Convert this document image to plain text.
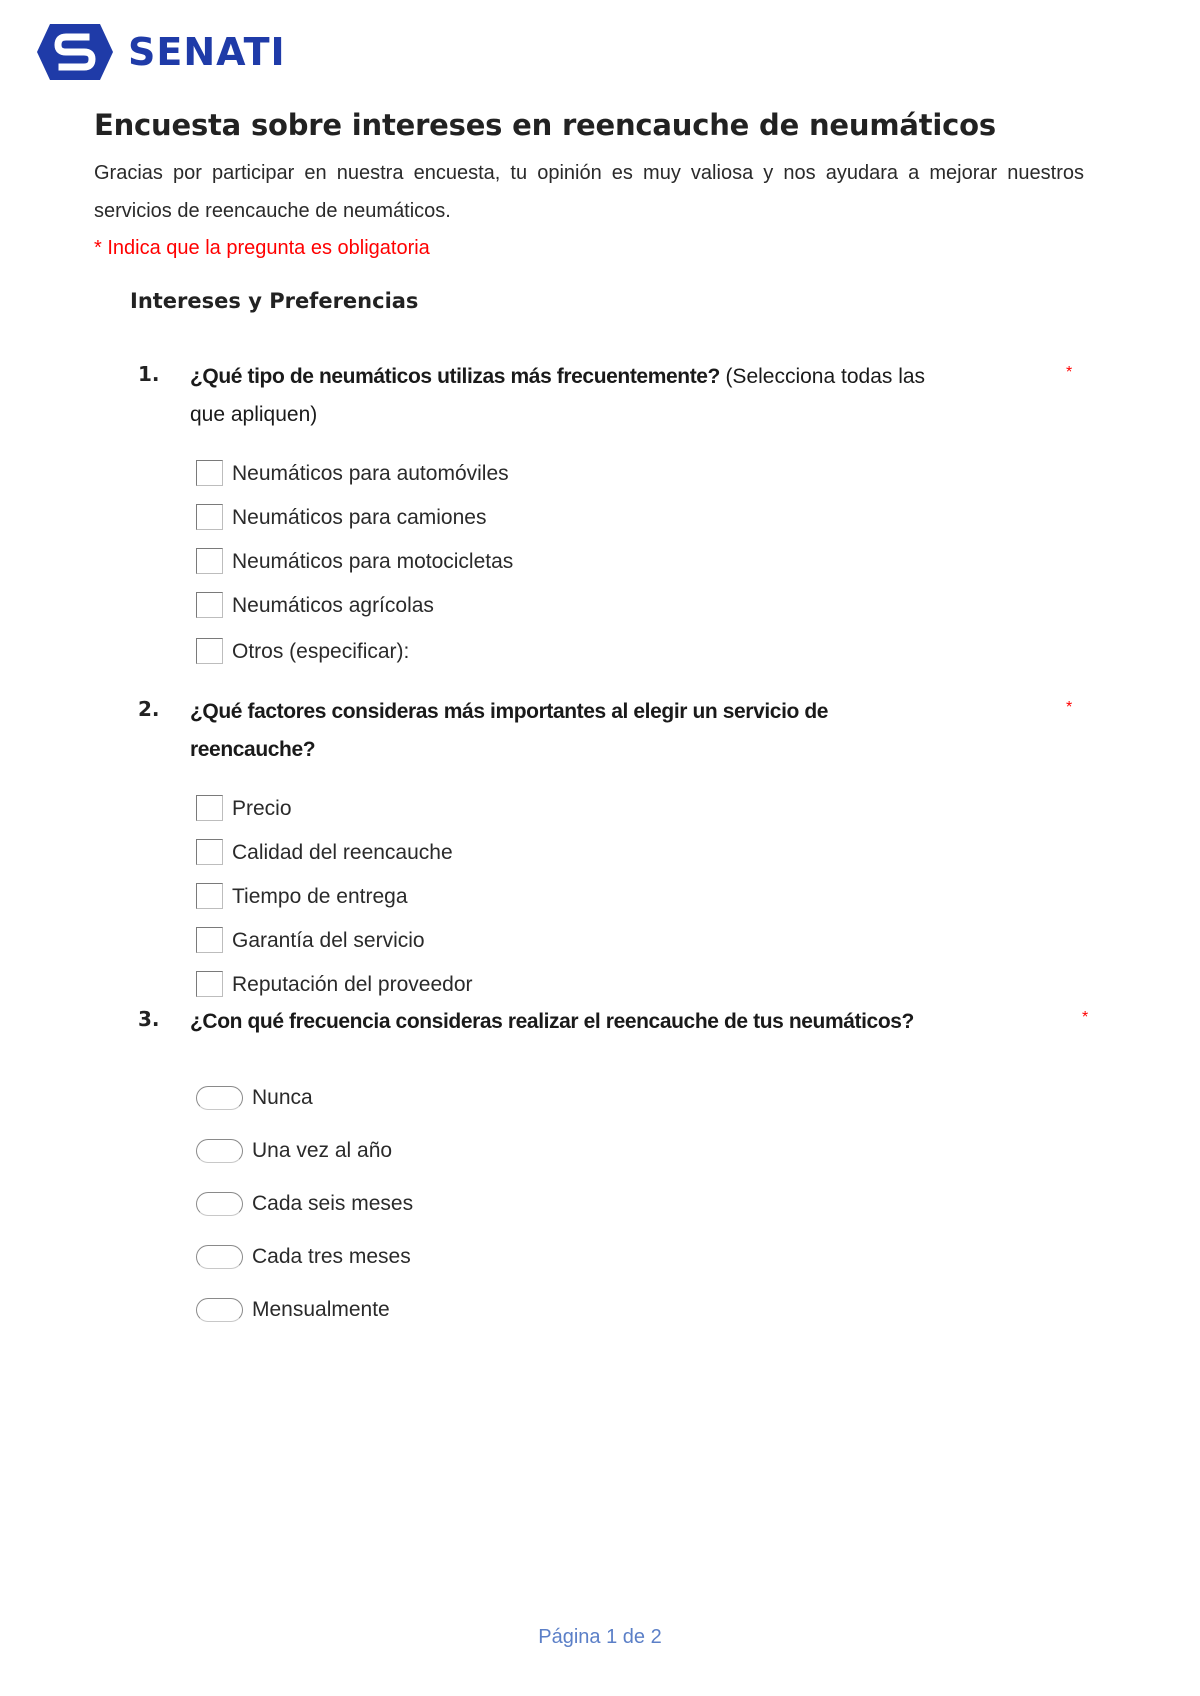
SENATI
Encuesta sobre intereses en reencauche de neumáticos

Gracias por participar en nuestra encuesta, tu opinión es muy valiosa y nos ayudara a mejorar nuestros servicios de reencauche de neumáticos.

* Indica que la pregunta es obligatoria

Intereses y Preferencias
1. ¿Qué tipo de neumáticos utilizas más frecuentemente? (Selecciona todas las que apliquen)
*
Neumáticos para automóviles
Neumáticos para camiones
Neumáticos para motocicletas
Neumáticos agrícolas
Otros (especificar):
2. ¿Qué factores consideras más importantes al elegir un servicio de reencauche?
*
Precio
Calidad del reencauche
Tiempo de entrega
Garantía del servicio
Reputación del proveedor
3. ¿Con qué frecuencia consideras realizar el reencauche de tus neumáticos?	*
Nunca
Una vez al año
Cada seis meses
Cada tres meses
Mensualmente
Página 1 de 2
